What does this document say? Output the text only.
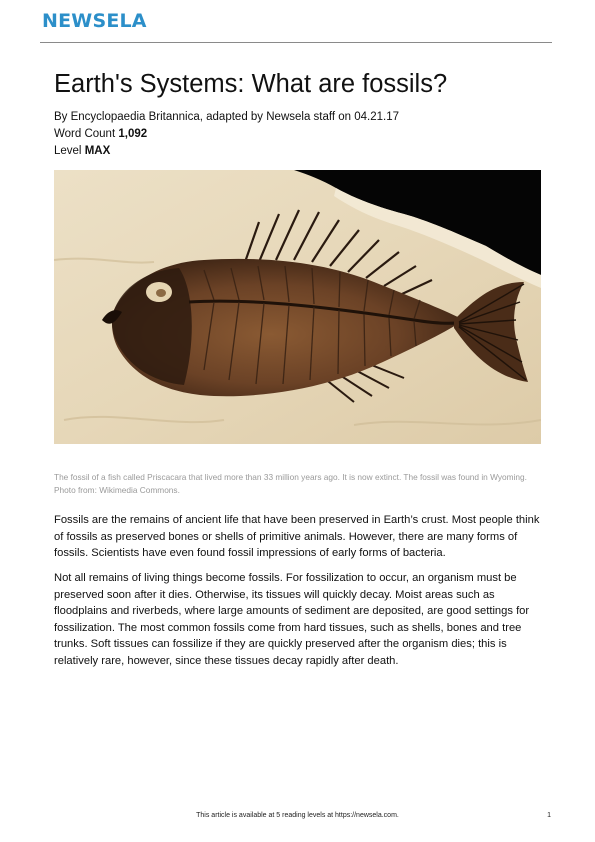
NEWSELA
Earth's Systems: What are fossils?
By Encyclopaedia Britannica, adapted by Newsela staff on 04.21.17
Word Count 1,092
Level MAX
The fossil of a fish called Priscacara that lived more than 33 million years ago. It is now extinct. The fossil was found in Wyoming. Photo from: Wikimedia Commons.

Fossils are the remains of ancient life that have been preserved in Earth’s crust. Most people think of fossils as preserved bones or shells of primitive animals. However, there are many forms of fossils. Scientists have even found fossil impressions of early forms of bacteria.

Not all remains of living things become fossils. For fossilization to occur, an organism must be preserved soon after it dies. Otherwise, its tissues will quickly decay. Moist areas such as floodplains and riverbeds, where large amounts of sediment are deposited, are good settings for fossilization. The most common fossils come from hard tissues, such as shells, bones and tree trunks. Soft tissues can fossilize if they are quickly preserved after the organism dies; this is relatively rare, however, since these tissues decay rapidly after death.

This article is available at 5 reading levels at https://newsela.com.	1
